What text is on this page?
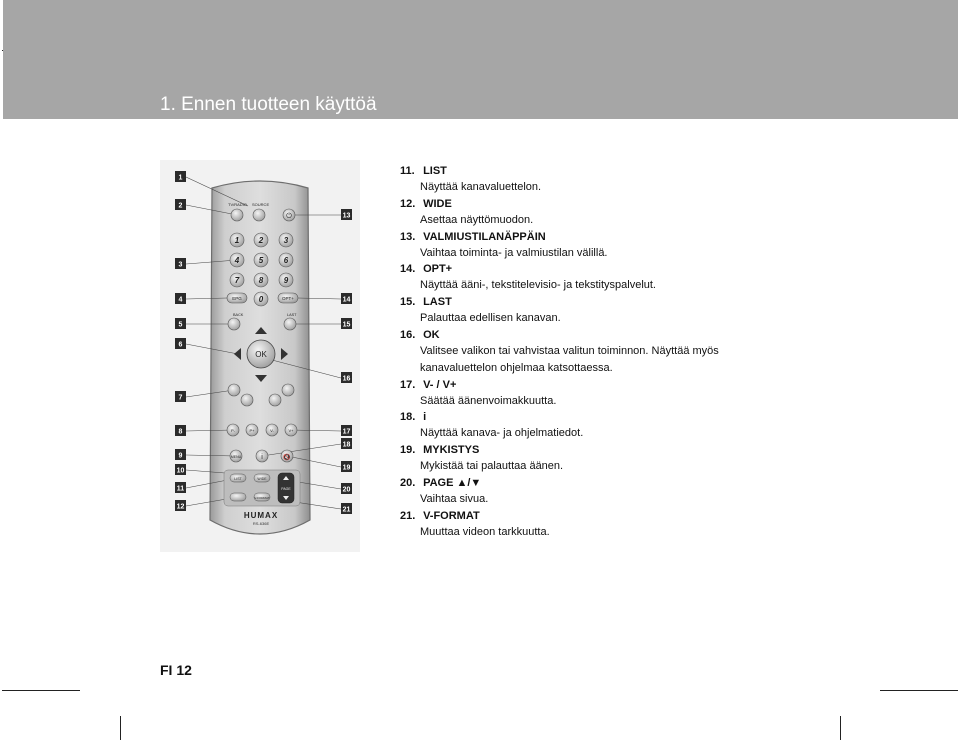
1. Ennen tuotteen käyttöä
1
2
3
4
5
6
7
8
9
10
11
12
13
14
15
16
17
18
19
20
21
TV/RADIO SOURCE
⏻
1 2	3
4 5	6
7 8	9
0
EPG	OPT+
BACK	LAST
OK
P-	P+	V-	V+
MENU	i	🔇
LIST	WIDE
V-FORMAT
PAGE
HUMAX
RS-636E
11. LIST
Näyttää kanavaluettelon.
12. WIDE
Asettaa näyttömuodon.
13. VALMIUSTILANÄPPÄIN
Vaihtaa toiminta- ja valmiustilan välillä.
14. OPT+
Näyttää ääni-, tekstitelevisio- ja tekstityspalvelut.
15. LAST
Palauttaa edellisen kanavan.
16. OK
Valitsee valikon tai vahvistaa valitun toiminnon. Näyttää myös
kanavaluettelon ohjelmaa katsottaessa.
17. V- / V+
Säätää äänenvoimakkuutta.
18. i
Näyttää kanava- ja ohjelmatiedot.
19. MYKISTYS
Mykistää tai palauttaa äänen.
20. PAGE ▲/▼
Vaihtaa sivua.
21. V-FORMAT
Muuttaa videon tarkkuutta.
FI 12
